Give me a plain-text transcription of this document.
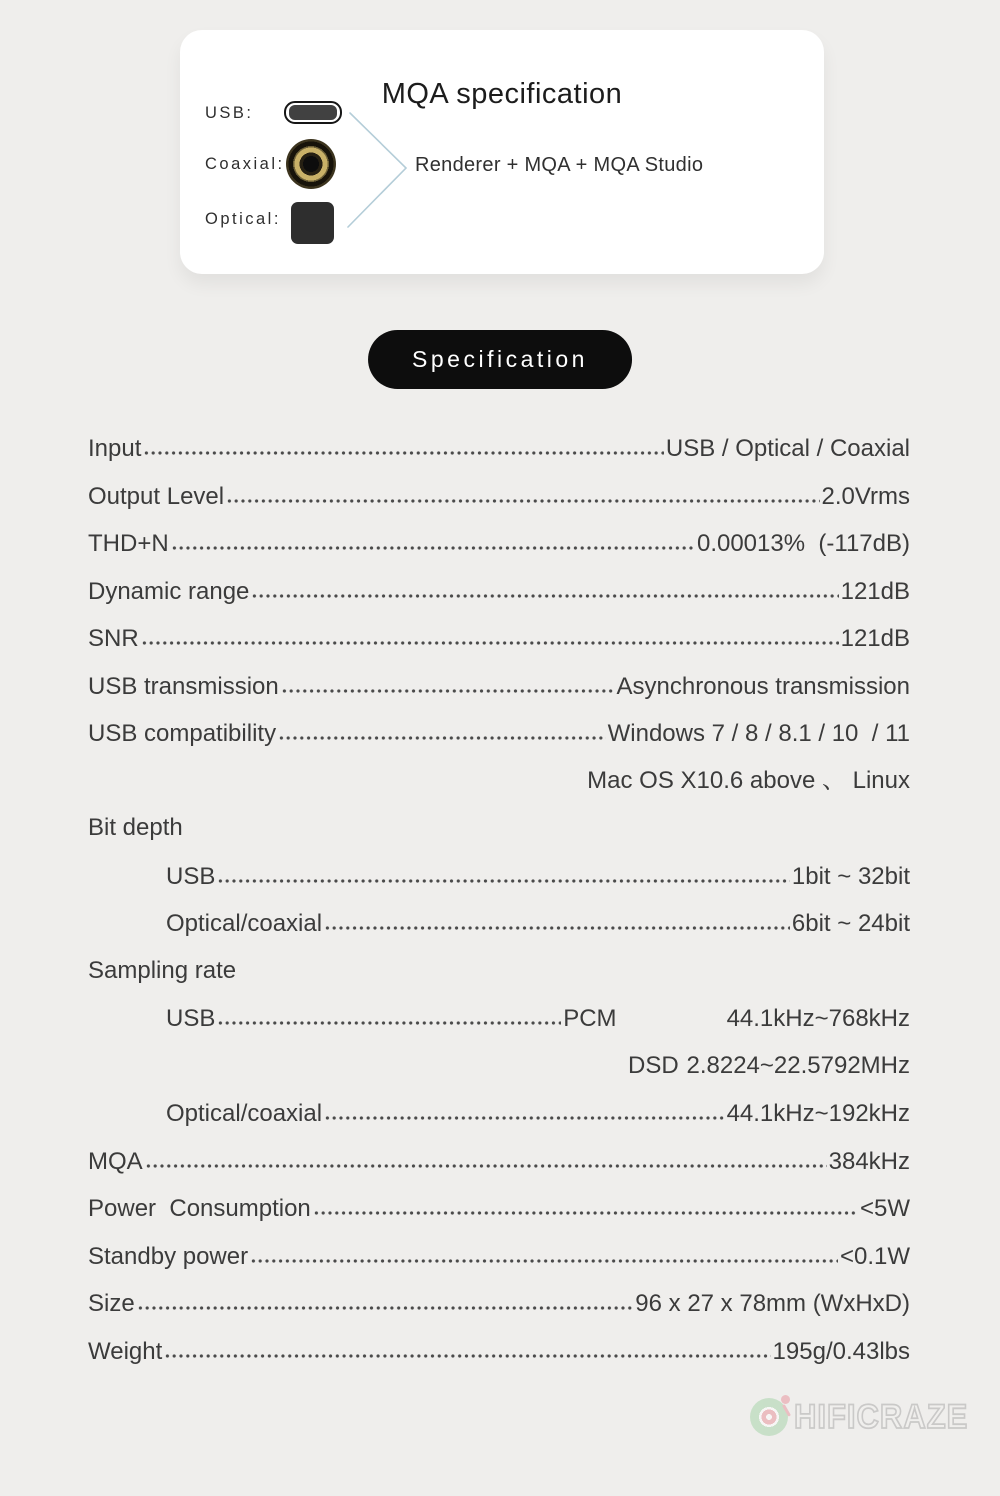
MQA specification
USB:
Coaxial:
Optical:
Renderer + MQA + MQA Studio
Specification
Input	USB / Optical / Coaxial
Output Level	2.0Vrms
THD+N	0.00013%  (-117dB)
Dynamic range	121dB
SNR	121dB
USB transmission	Asynchronous transmission
USB compatibility	Windows 7 / 8 / 8.1 / 10  / 11
Mac OS X10.6 above 、 Linux
Bit depth
USB	1bit ~ 32bit
Optical/coaxial	6bit ~ 24bit
Sampling rate
USB	PCM	44.1kHz~768kHz
DSD 2.8224~22.5792MHz
Optical/coaxial	44.1kHz~192kHz
MQA	384kHz
Power  Consumption	<5W
Standby power	<0.1W
Size	96 x 27 x 78mm (WxHxD)
Weight	195g/0.43lbs
HIFICRAZE
